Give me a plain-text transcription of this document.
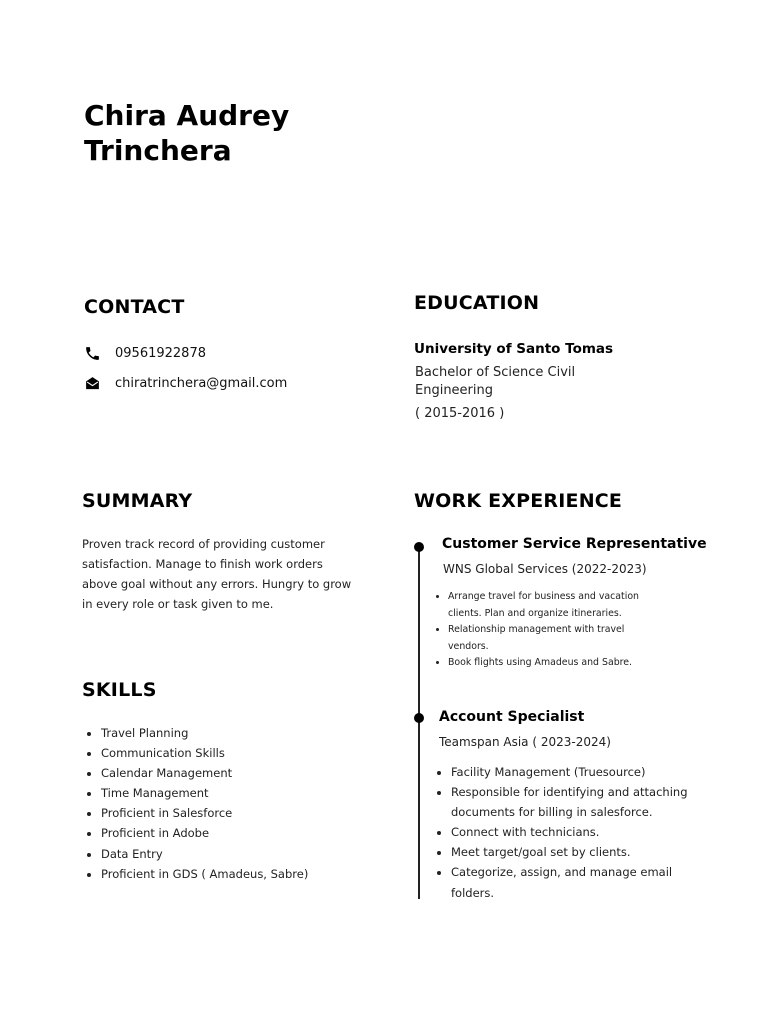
Chira Audrey
Trinchera
CONTACT
09561922878
chiratrinchera@gmail.com
EDUCATION

University of Santo Tomas

Bachelor of Science Civil
Engineering

( 2015-2016 )

SUMMARY

Proven track record of providing customer satisfaction. Manage to finish work orders above goal without any errors. Hungry to grow in every role or task given to me.

SKILLS
• Travel Planning
• Communication Skills
• Calendar Management
• Time Management
• Proficient in Salesforce
• Proficient in Adobe
• Data Entry
• Proficient in GDS ( Amadeus, Sabre)
WORK EXPERIENCE

Customer Service Representative

WNS Global Services (2022-2023)

• Arrange travel for business and vacation clients. Plan and organize itineraries.
• Relationship management with travel vendors.
• Book flights using Amadeus and Sabre.

Account Specialist

Teamspan Asia ( 2023-2024)

• Facility Management (Truesource)
• Responsible for identifying and attaching documents for billing in salesforce.
• Connect with technicians.
• Meet target/goal set by clients.
• Categorize, assign, and manage email folders.
